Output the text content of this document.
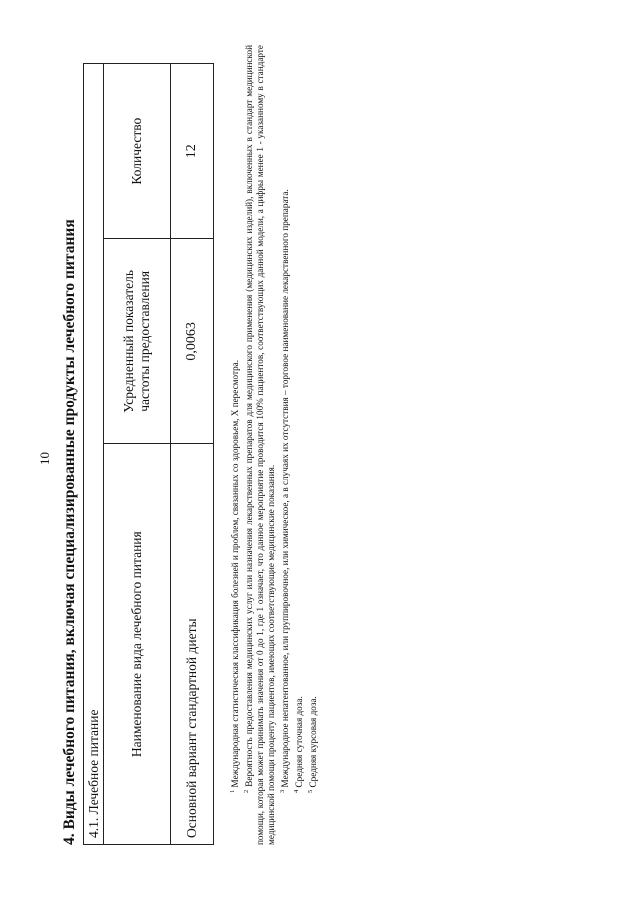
10
4. Виды лечебного питания, включая специализированные продукты лечебного питания 4.1. Лечебное питание		
Наименование вида лечебного питания	Усредненный показатель частоты предоставления	Количество
Основной вариант стандартной диеты	0,0063	12

$^1$ Международная статистическая классификация болезней и проблем, связанных со здоровьем, X пересмотра.

$^2$ Вероятность предоставления медицинских услуг или назначения лекарственных препаратов для медицинского применения (медицинских изделий), включенных в стандарт медицинской помощи, которая может принимать значения от 0 до 1, где 1 означает, что данное мероприятие проводится 100% пациентов, соответствующих данной модели, а цифры менее 1 - указанному в стандарте медицинской помощи проценту пациентов, имеющих соответствующие медицинские показания. $^3$ Международное непатентованное, или группировочное, или химическое, а в случаях их отсутствия – торговое наименование лекарственного препарата.

$^4$ Средняя суточная доза.

$^5$ Средняя курсовая доза.
